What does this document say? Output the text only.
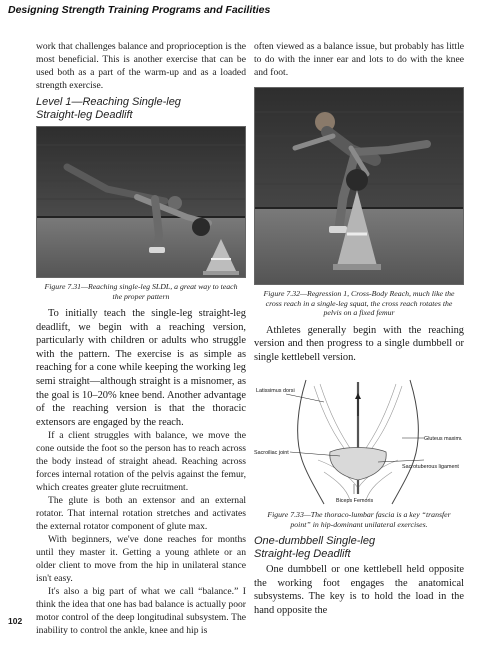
Designing Strength Training Programs and Facilities

work that challenges balance and proprioception is the most beneficial. This is another exercise that can be used both as a part of the warm-up and as a loaded strength exercise.

Level 1—Reaching Single-leg
Straight-leg Deadlift
Figure 7.31—Reaching single-leg SLDL, a great way to teach the proper pattern

To initially teach the single-leg straight-leg deadlift, we begin with a reaching version, particularly with children or adults who struggle with the pattern. The exercise is as simple as reaching for a cone while keeping the working leg semi straight—although straight is a misnomer, as the goal is 10–20% knee bend. Another advantage of the reaching version is that the thoracic extensors are engaged by the reach.

If a client struggles with balance, we move the cone outside the foot so the person has to reach across the body instead of straight ahead. Reaching across forces internal rotation of the pelvis against the femur, which creates greater glute recruitment.

The glute is both an extensor and an external rotator. That internal rotation stretches and activates the external rotator component of glute max.

With beginners, we've done reaches for months until they master it. Getting a young athlete or an older client to move from the hip in unilateral stance isn't easy.

It's also a big part of what we call “balance.” I think the idea that one has bad balance is actually poor motor control of the deep longitudinal subsystem. The inability to control the ankle, knee and hip is

often viewed as a balance issue, but probably has little to do with the inner ear and lots to do with the knee and foot.

Figure 7.32—Regression 1, Cross-Body Reach, much like the cross reach in a single-leg squat, the cross reach rotates the pelvis on a fixed femur

Athletes generally begin with the reaching version and then progress to a single dumbbell or single kettlebell version.

Latissimus dorsi
Gluteus maximus
Sacroiliac joint
Sacrotuberous ligament
Biceps Femoris
Figure 7.33—The thoraco-lumbar fascia is a key “transfer point” in hip-dominant unilateral exercises.
One-dumbbell Single-leg
Straight-leg Deadlift

One dumbbell or one kettlebell held opposite the working foot engages the anatomical subsystems. The key is to hold the load in the hand opposite the

102
